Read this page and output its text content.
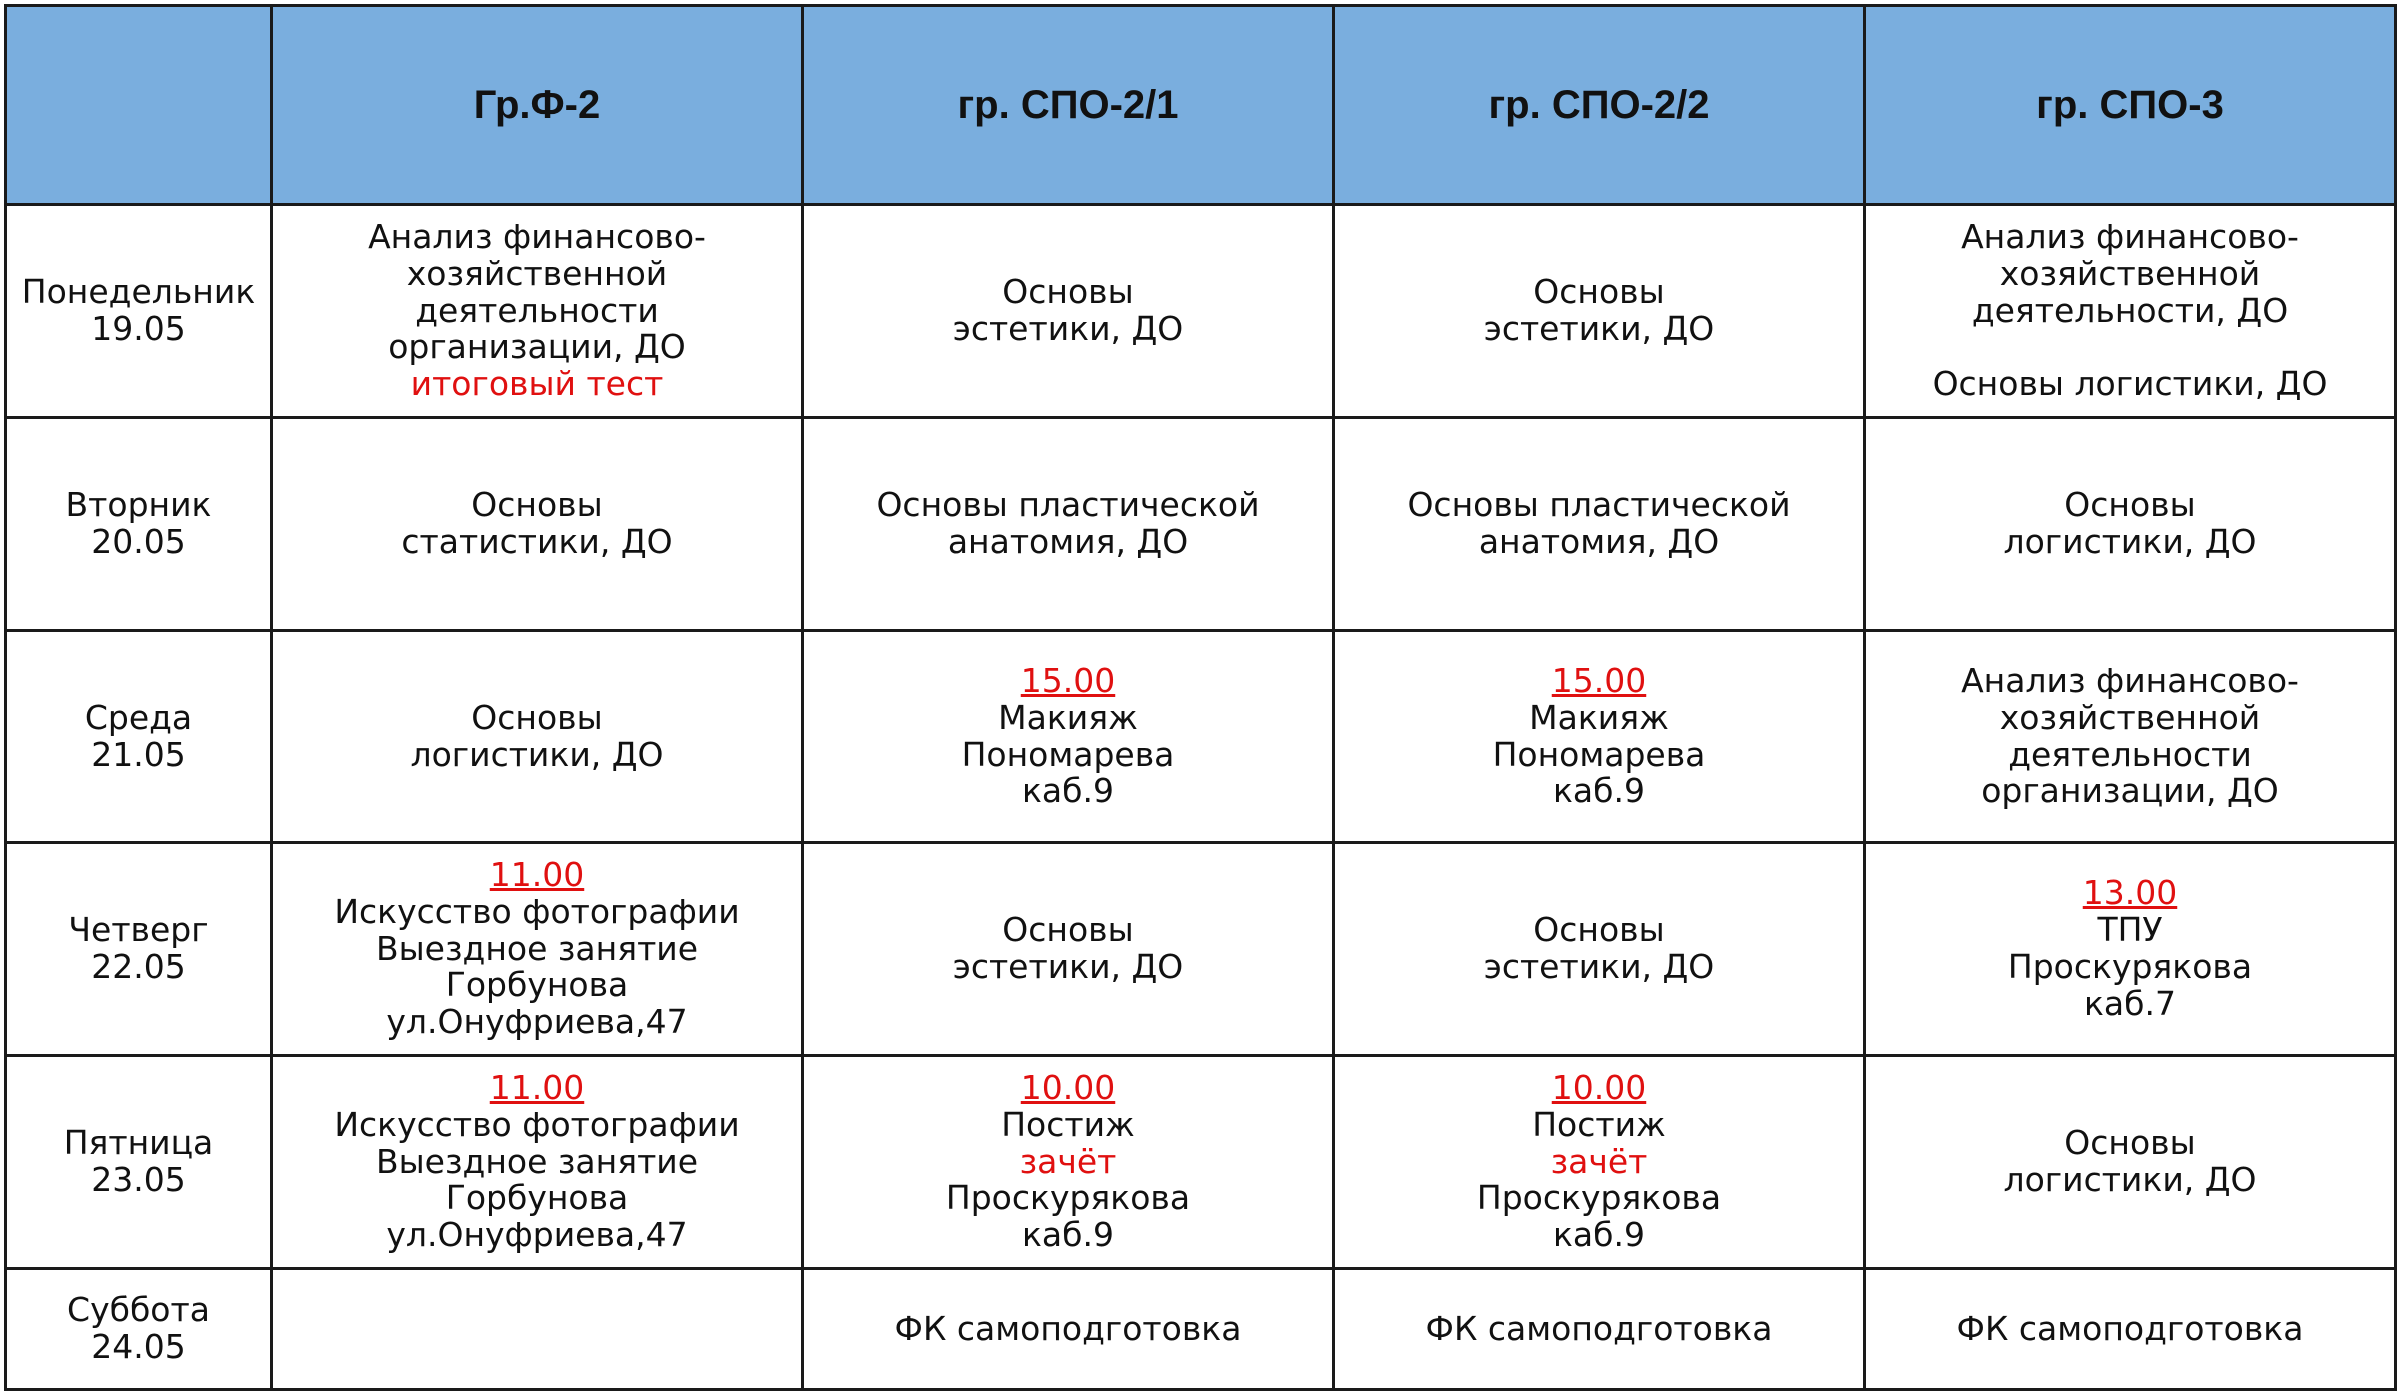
	Гр.Ф-2	гр. СПО-2/1	гр. СПО-2/2	гр. СПО-3

Понедельник
19.05	Анализ финансово-
хозяйственной
деятельности
организации, ДО
итоговый тест	Основы
эстетики, ДО	Основы
эстетики, ДО	Анализ финансово-
хозяйственной
деятельности, ДО
Основы логистики, ДО

Вторник
20.05	Основы
статистики, ДО	Основы пластической
анатомия, ДО	Основы пластической
анатомия, ДО	Основы
логистики, ДО

Среда
21.05	Основы
логистики, ДО	15.00
Макияж
Пономарева
каб.9	15.00
Макияж
Пономарева
каб.9	Анализ финансово-
хозяйственной
деятельности
организации, ДО

Четверг
22.05	11.00
Искусство фотографии
Выездное занятие
Горбунова
ул.Онуфриева,47	Основы
эстетики, ДО	Основы
эстетики, ДО	13.00
ТПУ
Проскурякова
каб.7

Пятница
23.05	11.00
Искусство фотографии
Выездное занятие
Горбунова
ул.Онуфриева,47	10.00
Постиж
зачёт
Проскурякова
каб.9	10.00
Постиж
зачёт
Проскурякова
каб.9	Основы
логистики, ДО

Суббота
24.05		ФК самоподготовка	ФК самоподготовка	ФК самоподготовка
